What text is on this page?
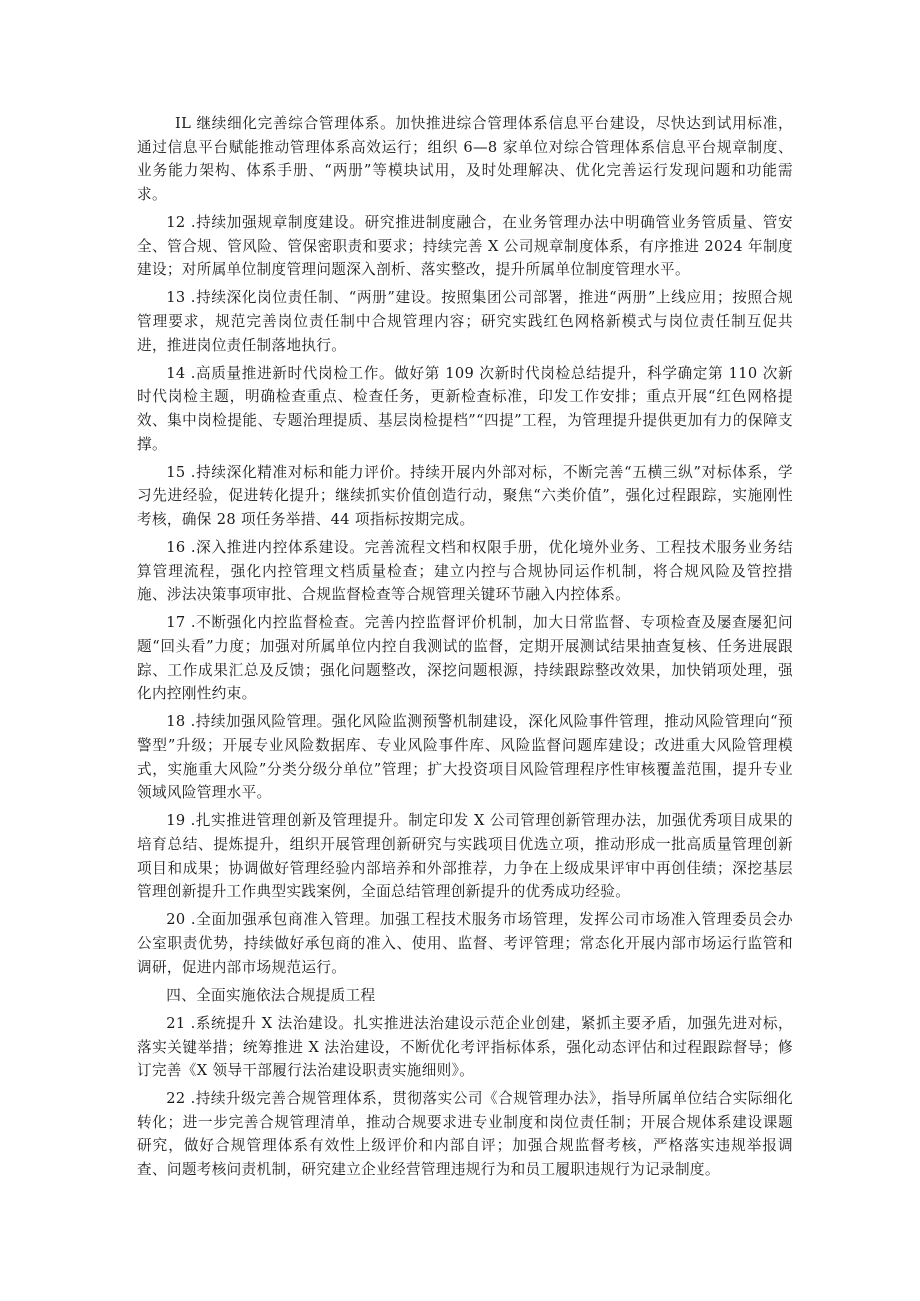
IL 继续细化完善综合管理体系。加快推进综合管理体系信息平台建设，尽快达到试用标准，通过信息平台赋能推动管理体系高效运行；组织 6—8 家单位对综合管理体系信息平台规章制度、业务能力架构、体系手册、“两册”等模块试用，及时处理解决、优化完善运行发现问题和功能需求。

12 .持续加强规章制度建设。研究推进制度融合，在业务管理办法中明确管业务管质量、管安全、管合规、管风险、管保密职责和要求；持续完善 X 公司规章制度体系，有序推进 2024 年制度建设；对所属单位制度管理问题深入剖析、落实整改，提升所属单位制度管理水平。

13 .持续深化岗位责任制、“两册”建设。按照集团公司部署，推进“两册”上线应用；按照合规管理要求，规范完善岗位责任制中合规管理内容；研究实践红色网格新模式与岗位责任制互促共进，推进岗位责任制落地执行。

14 .高质量推进新时代岗检工作。做好第 109 次新时代岗检总结提升，科学确定第 110 次新时代岗检主题，明确检查重点、检查任务，更新检查标准，印发工作安排；重点开展“红色网格提效、集中岗检提能、专题治理提质、基层岗检提档”“四提”工程，为管理提升提供更加有力的保障支撑。

15 .持续深化精准对标和能力评价。持续开展内外部对标，不断完善“五横三纵”对标体系，学习先进经验，促进转化提升；继续抓实价值创造行动，聚焦“六类价值”，强化过程跟踪，实施刚性考核，确保 28 项任务举措、44 项指标按期完成。

16 .深入推进内控体系建设。完善流程文档和权限手册，优化境外业务、工程技术服务业务结算管理流程，强化内控管理文档质量检查；建立内控与合规协同运作机制，将合规风险及管控措施、涉法决策事项审批、合规监督检查等合规管理关键环节融入内控体系。

17 .不断强化内控监督检查。完善内控监督评价机制，加大日常监督、专项检查及屡查屡犯问题“回头看”力度；加强对所属单位内控自我测试的监督，定期开展测试结果抽查复核、任务进展跟踪、工作成果汇总及反馈；强化问题整改，深挖问题根源，持续跟踪整改效果，加快销项处理，强化内控刚性约束。

18 .持续加强风险管理。强化风险监测预警机制建设，深化风险事件管理，推动风险管理向“预警型”升级；开展专业风险数据库、专业风险事件库、风险监督问题库建设；改进重大风险管理模式，实施重大风险”分类分级分单位”管理；扩大投资项目风险管理程序性审核覆盖范围，提升专业领域风险管理水平。

19 .扎实推进管理创新及管理提升。制定印发 X 公司管理创新管理办法，加强优秀项目成果的培育总结、提炼提升，组织开展管理创新研究与实践项目优选立项，推动形成一批高质量管理创新项目和成果；协调做好管理经验内部培养和外部推荐，力争在上级成果评审中再创佳绩；深挖基层管理创新提升工作典型实践案例，全面总结管理创新提升的优秀成功经验。

20 .全面加强承包商准入管理。加强工程技术服务市场管理，发挥公司市场准入管理委员会办公室职责优势，持续做好承包商的准入、使用、监督、考评管理；常态化开展内部市场运行监管和调研，促进内部市场规范运行。

四、全面实施依法合规提质工程

21 .系统提升 X 法治建设。扎实推进法治建设示范企业创建，紧抓主要矛盾，加强先进对标，落实关键举措；统筹推进 X 法治建设，不断优化考评指标体系，强化动态评估和过程跟踪督导；修订完善《X 领导干部履行法治建设职责实施细则》。

22 .持续升级完善合规管理体系，贯彻落实公司《合规管理办法》，指导所属单位结合实际细化转化；进一步完善合规管理清单，推动合规要求进专业制度和岗位责任制；开展合规体系建设课题研究，做好合规管理体系有效性上级评价和内部自评；加强合规监督考核，严格落实违规举报调查、问题考核问责机制，研究建立企业经营管理违规行为和员工履职违规行为记录制度。
